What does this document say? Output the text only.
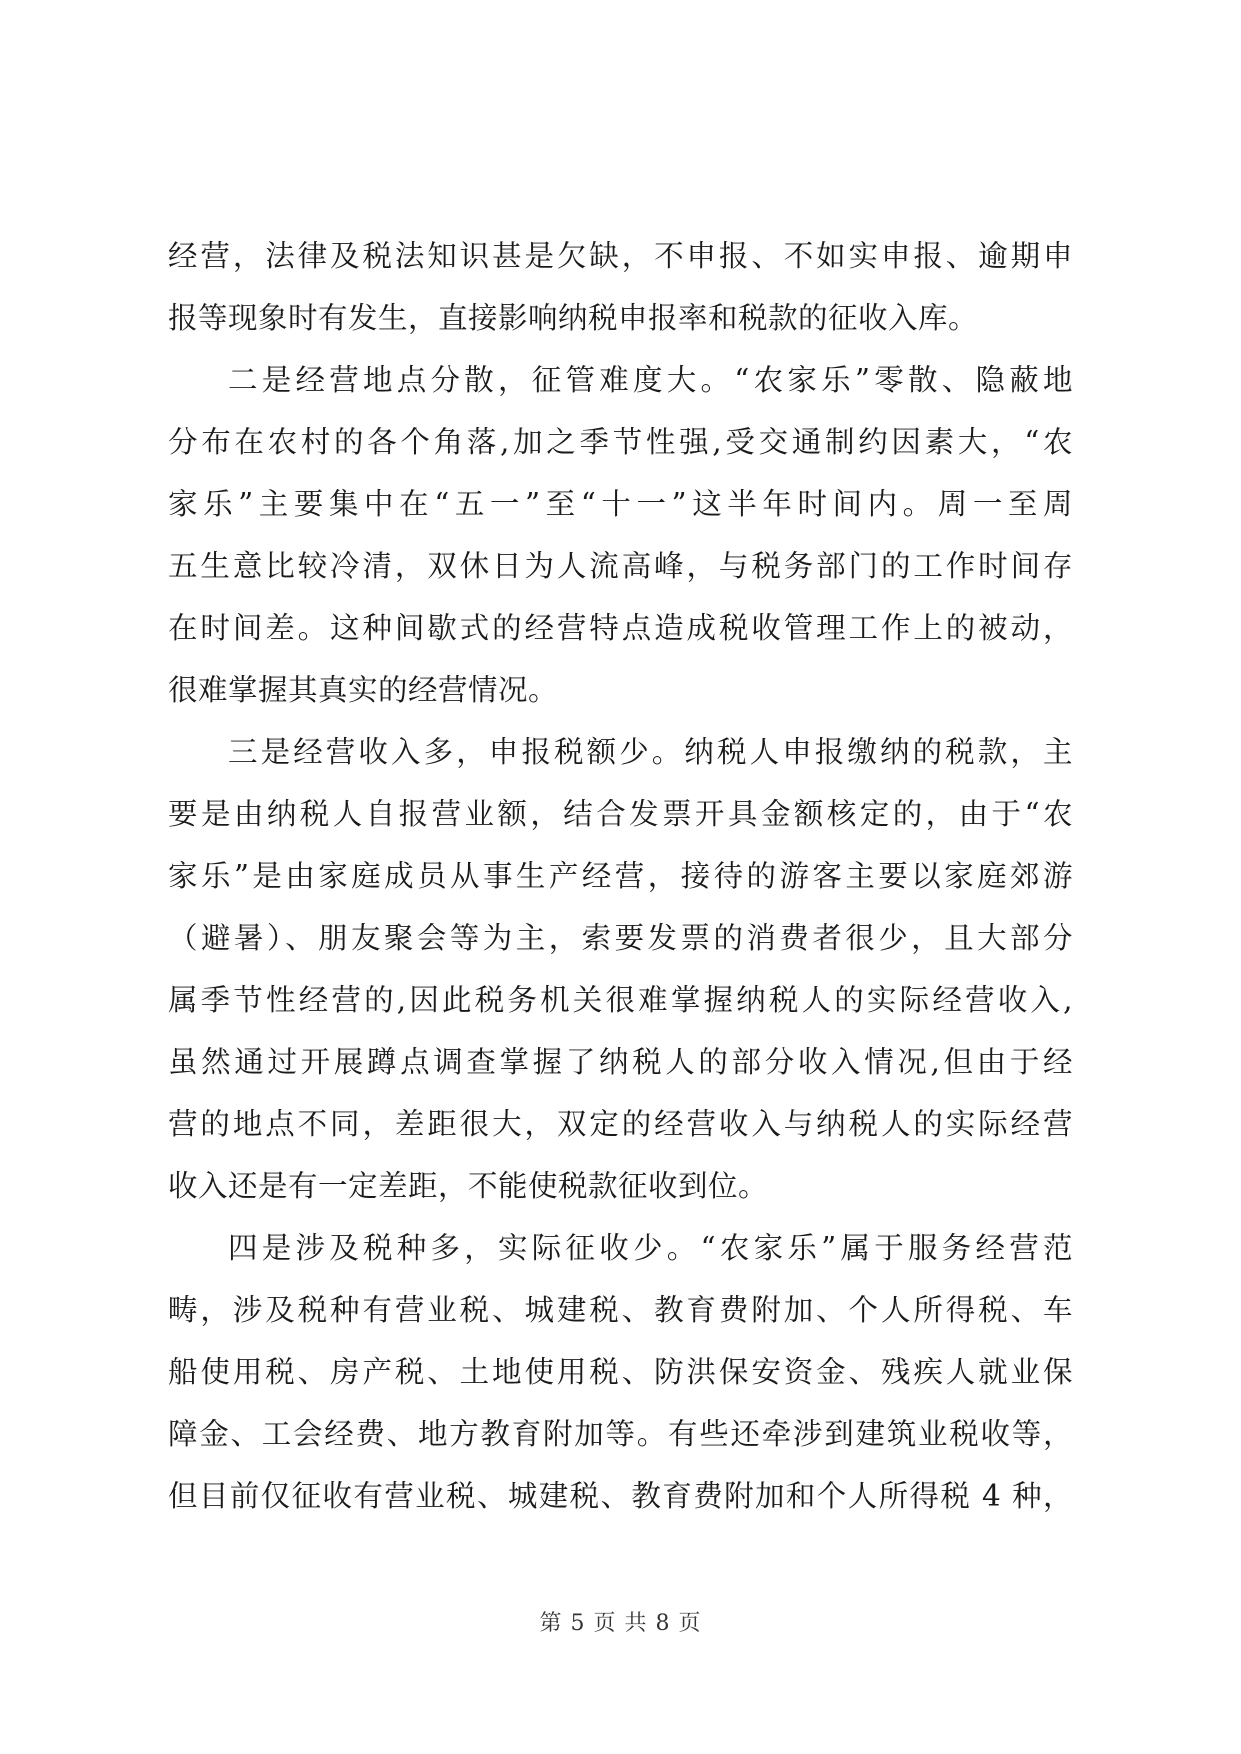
经营，法律及税法知识甚是欠缺，不申报、不如实申报、逾期申
报等现象时有发生，直接影响纳税申报率和税款的征收入库。
二是经营地点分散，征管难度大。“农家乐”零散、隐蔽地
分布在农村的各个角落,加之季节性强,受交通制约因素大，“农
家乐”主要集中在“五一”至“十一”这半年时间内。周一至周
五生意比较冷清，双休日为人流高峰，与税务部门的工作时间存
在时间差。这种间歇式的经营特点造成税收管理工作上的被动，
很难掌握其真实的经营情况。
三是经营收入多，申报税额少。纳税人申报缴纳的税款，主
要是由纳税人自报营业额，结合发票开具金额核定的，由于“农
家乐”是由家庭成员从事生产经营，接待的游客主要以家庭郊游
（避暑）、朋友聚会等为主，索要发票的消费者很少，且大部分
属季节性经营的,因此税务机关很难掌握纳税人的实际经营收入,
虽然通过开展蹲点调查掌握了纳税人的部分收入情况,但由于经
营的地点不同，差距很大，双定的经营收入与纳税人的实际经营
收入还是有一定差距，不能使税款征收到位。
四是涉及税种多，实际征收少。“农家乐”属于服务经营范
畴，涉及税种有营业税、城建税、教育费附加、个人所得税、车
船使用税、房产税、土地使用税、防洪保安资金、残疾人就业保
障金、工会经费、地方教育附加等。有些还牵涉到建筑业税收等，
但目前仅征收有营业税、城建税、教育费附加和个人所得税 4 种，
第 5 页 共 8 页
